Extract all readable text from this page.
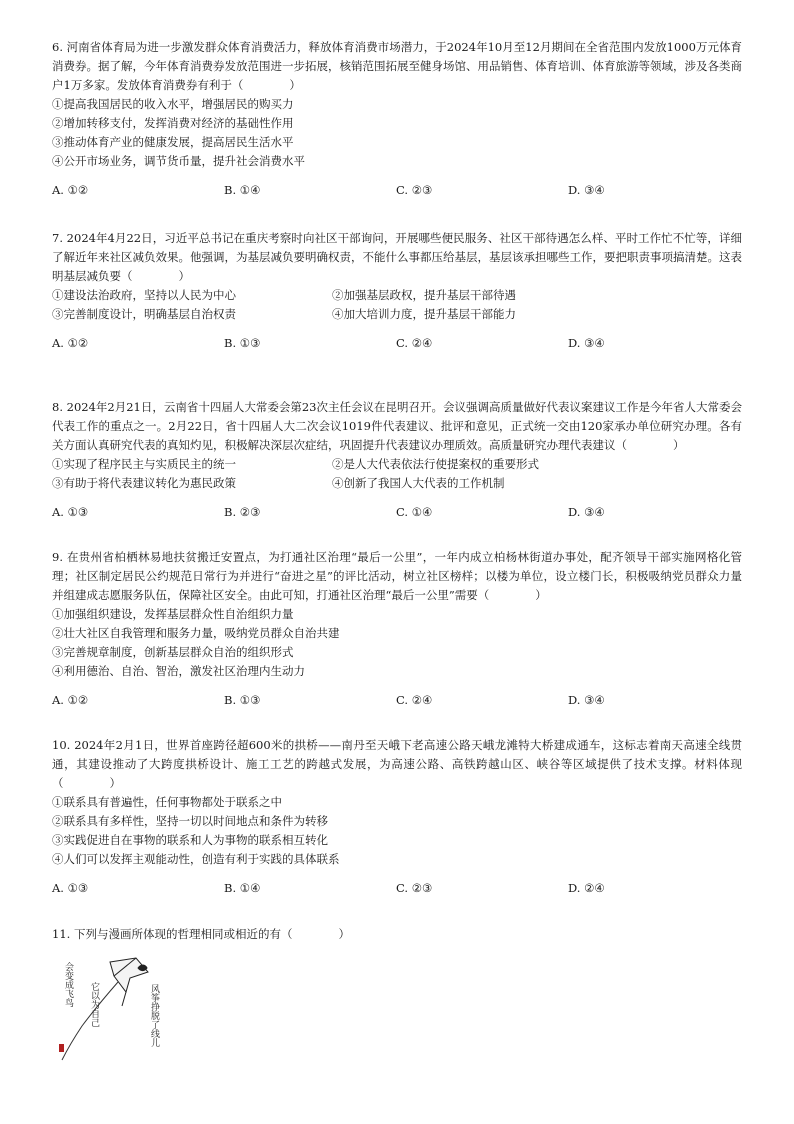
6. 河南省体育局为进一步激发群众体育消费活力，释放体育消费市场潜力，于2024年10月至12月期间在全省范围内发放1000万元体育消费券。据了解，今年体育消费券发放范围进一步拓展，核销范围拓展至健身场馆、用品销售、体育培训、体育旅游等领域，涉及各类商户1万多家。发放体育消费券有利于（　　　　）

①提高我国居民的收入水平，增强居民的购买力
②增加转移支付，发挥消费对经济的基础性作用
③推动体育产业的健康发展，提高居民生活水平
④公开市场业务，调节货币量，提升社会消费水平
A. ①②	B. ①④	C. ②③	D. ③④

7. 2024年4月22日，习近平总书记在重庆考察时向社区干部询问，开展哪些便民服务、社区干部待遇怎么样、平时工作忙不忙等，详细了解近年来社区减负效果。他强调，为基层减负要明确权责，不能什么事都压给基层，基层该承担哪些工作，要把职责事项搞清楚。这表明基层减负要（　　　　）

①建设法治政府，坚持以人民为中心	②加强基层政权，提升基层干部待遇
③完善制度设计，明确基层自治权责	④加大培训力度，提升基层干部能力
A. ①②	B. ①③	C. ②④	D. ③④

8. 2024年2月21日，云南省十四届人大常委会第23次主任会议在昆明召开。会议强调高质量做好代表议案建议工作是今年省人大常委会代表工作的重点之一。2月22日，省十四届人大二次会议1019件代表建议、批评和意见，正式统一交由120家承办单位研究办理。各有关方面认真研究代表的真知灼见，积极解决深层次症结，巩固提升代表建议办理质效。高质量研究办理代表建议（　　　　）

①实现了程序民主与实质民主的统一	②是人大代表依法行使提案权的重要形式
③有助于将代表建议转化为惠民政策	④创新了我国人大代表的工作机制
A. ①③	B. ②③	C. ①④	D. ③④

9. 在贵州省柏栖林易地扶贫搬迁安置点，为打通社区治理“最后一公里”，一年内成立柏杨林街道办事处，配齐领导干部实施网格化管理；社区制定居民公约规范日常行为并进行“奋进之星”的评比活动，树立社区榜样；以楼为单位，设立楼门长，积极吸纳党员群众力量并组建成志愿服务队伍，保障社区安全。由此可知，打通社区治理“最后一公里”需要（　　　　）

①加强组织建设，发挥基层群众性自治组织力量
②壮大社区自我管理和服务力量，吸纳党员群众自治共建
③完善规章制度，创新基层群众自治的组织形式
④利用德治、自治、智治，激发社区治理内生动力
A. ①②	B. ①③	C. ②④	D. ③④

10. 2024年2月1日，世界首座跨径超600米的拱桥——南丹至天峨下老高速公路天峨龙滩特大桥建成通车，这标志着南天高速全线贯通，其建设推动了大跨度拱桥设计、施工工艺的跨越式发展，为高速公路、高铁跨越山区、峡谷等区域提供了技术支撑。材料体现（　　　　）

①联系具有普遍性，任何事物都处于联系之中
②联系具有多样性，坚持一切以时间地点和条件为转移
③实践促进自在事物的联系和人为事物的联系相互转化
④人们可以发挥主观能动性，创造有利于实践的具体联系
A. ①③	B. ①④	C. ②③	D. ②④

11. 下列与漫画所体现的哲理相同或相近的有（　　　　）

会变成飞鸟 它以为自己	风筝挣脱了线儿
